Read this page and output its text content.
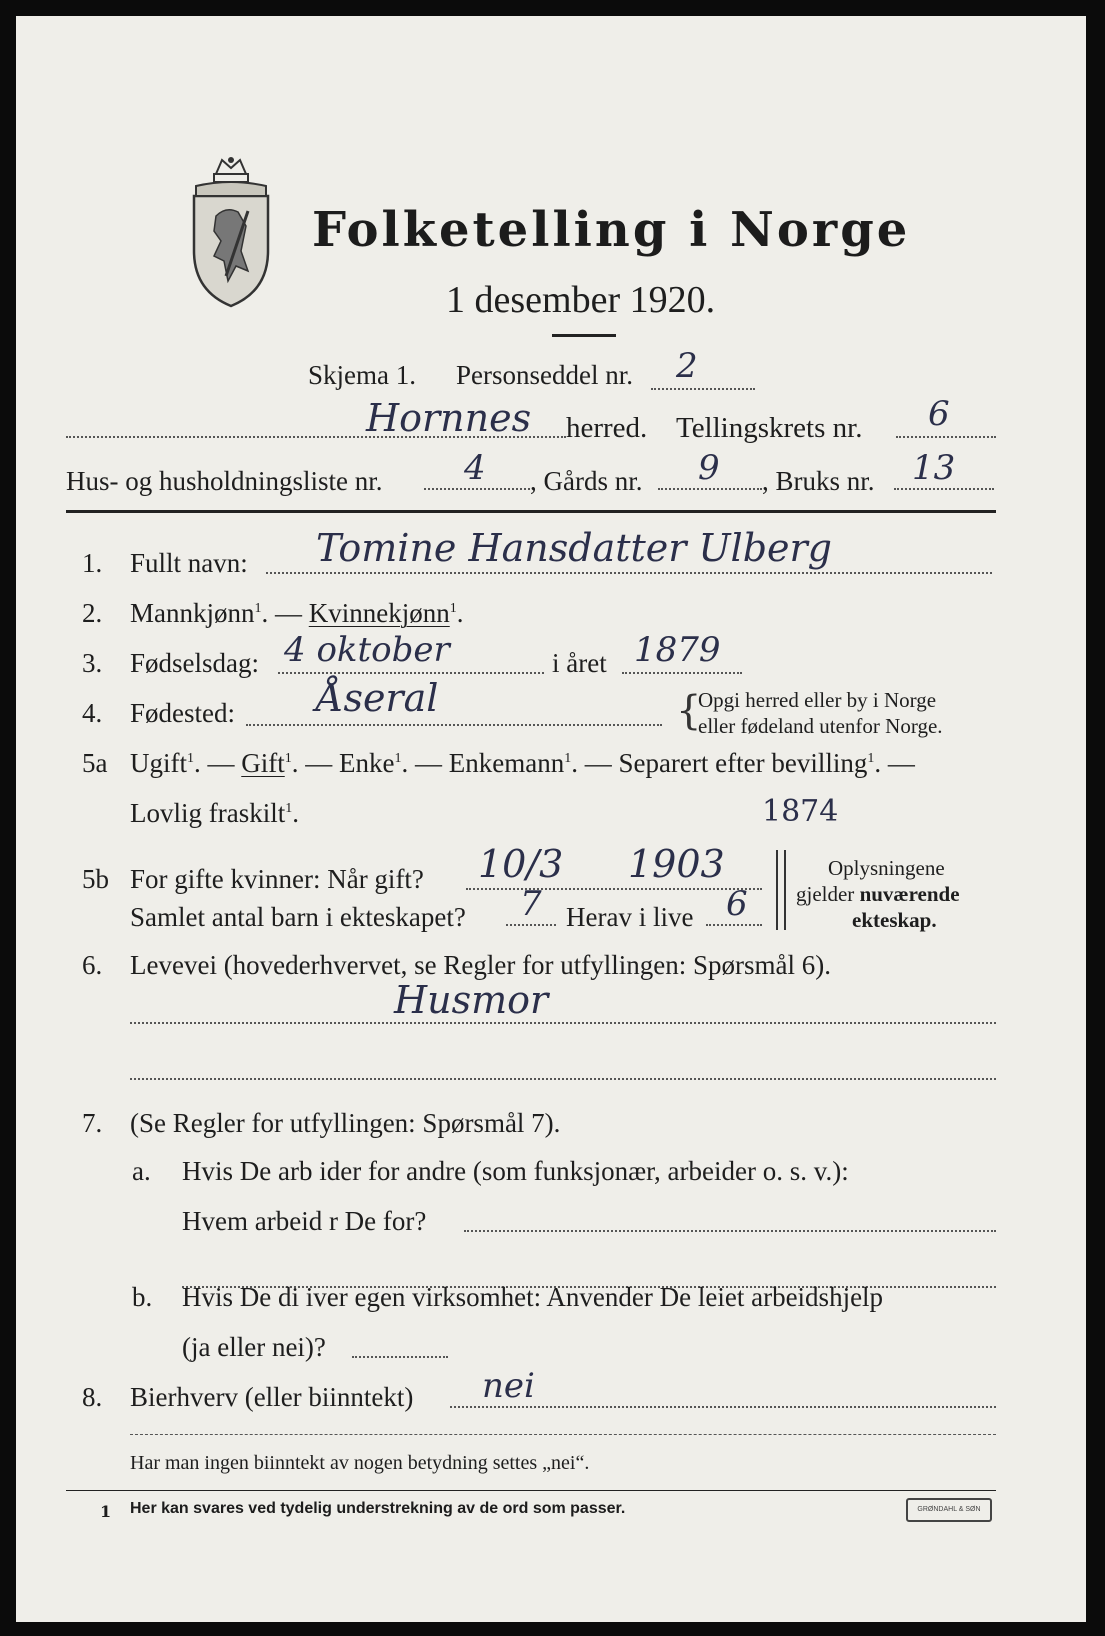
Folketelling i Norge
1 desember 1920.
Skjema 1. Personseddel nr. 2
Hornnes herred. Tellingskrets nr. 6
Hus- og husholdningsliste nr. 4 , Gårds nr. 9 , Bruks nr. 13
1. Fullt navn: Tomine Hansdatter Ulberg
2. Mannkjønn$^1$. — Kvinnekjønn$^1$.
3. Fødselsdag: 4 oktober	i året 1879
4. Fødested: Åseral	{
Opgi herred eller by i Norge
eller fødeland utenfor Norge.
5a Ugift$^1$. — Gift$^1$. — Enke$^1$. — Enkemann$^1$. — Separert efter bevilling$^1$. —
Lovlig fraskilt$^1$.	1874
5b For gifte kvinner: Når gift? 10/3 1903
Samlet antal barn i ekteskapet? 7 Herav i live 6
Oplysningene
gjelder nuværende
ekteskap.
6. Levevei (hovederhvervet, se Regler for utfyllingen: Spørsmål 6).
Husmor
7. (Se Regler for utfyllingen: Spørsmål 7).
a. Hvis De arb ider for andre (som funksjonær, arbeider o. s. v.):
Hvem arbeid r De for?
b. Hvis De di iver egen virksomhet: Anvender De leiet arbeidshjelp
(ja eller nei)?
8. Bierhverv (eller biinntekt) nei
Har man ingen biinntekt av nogen betydning settes „nei“.
1 Her kan svares ved tydelig understrekning av de ord som passer.	GRØNDAHL & SØN
